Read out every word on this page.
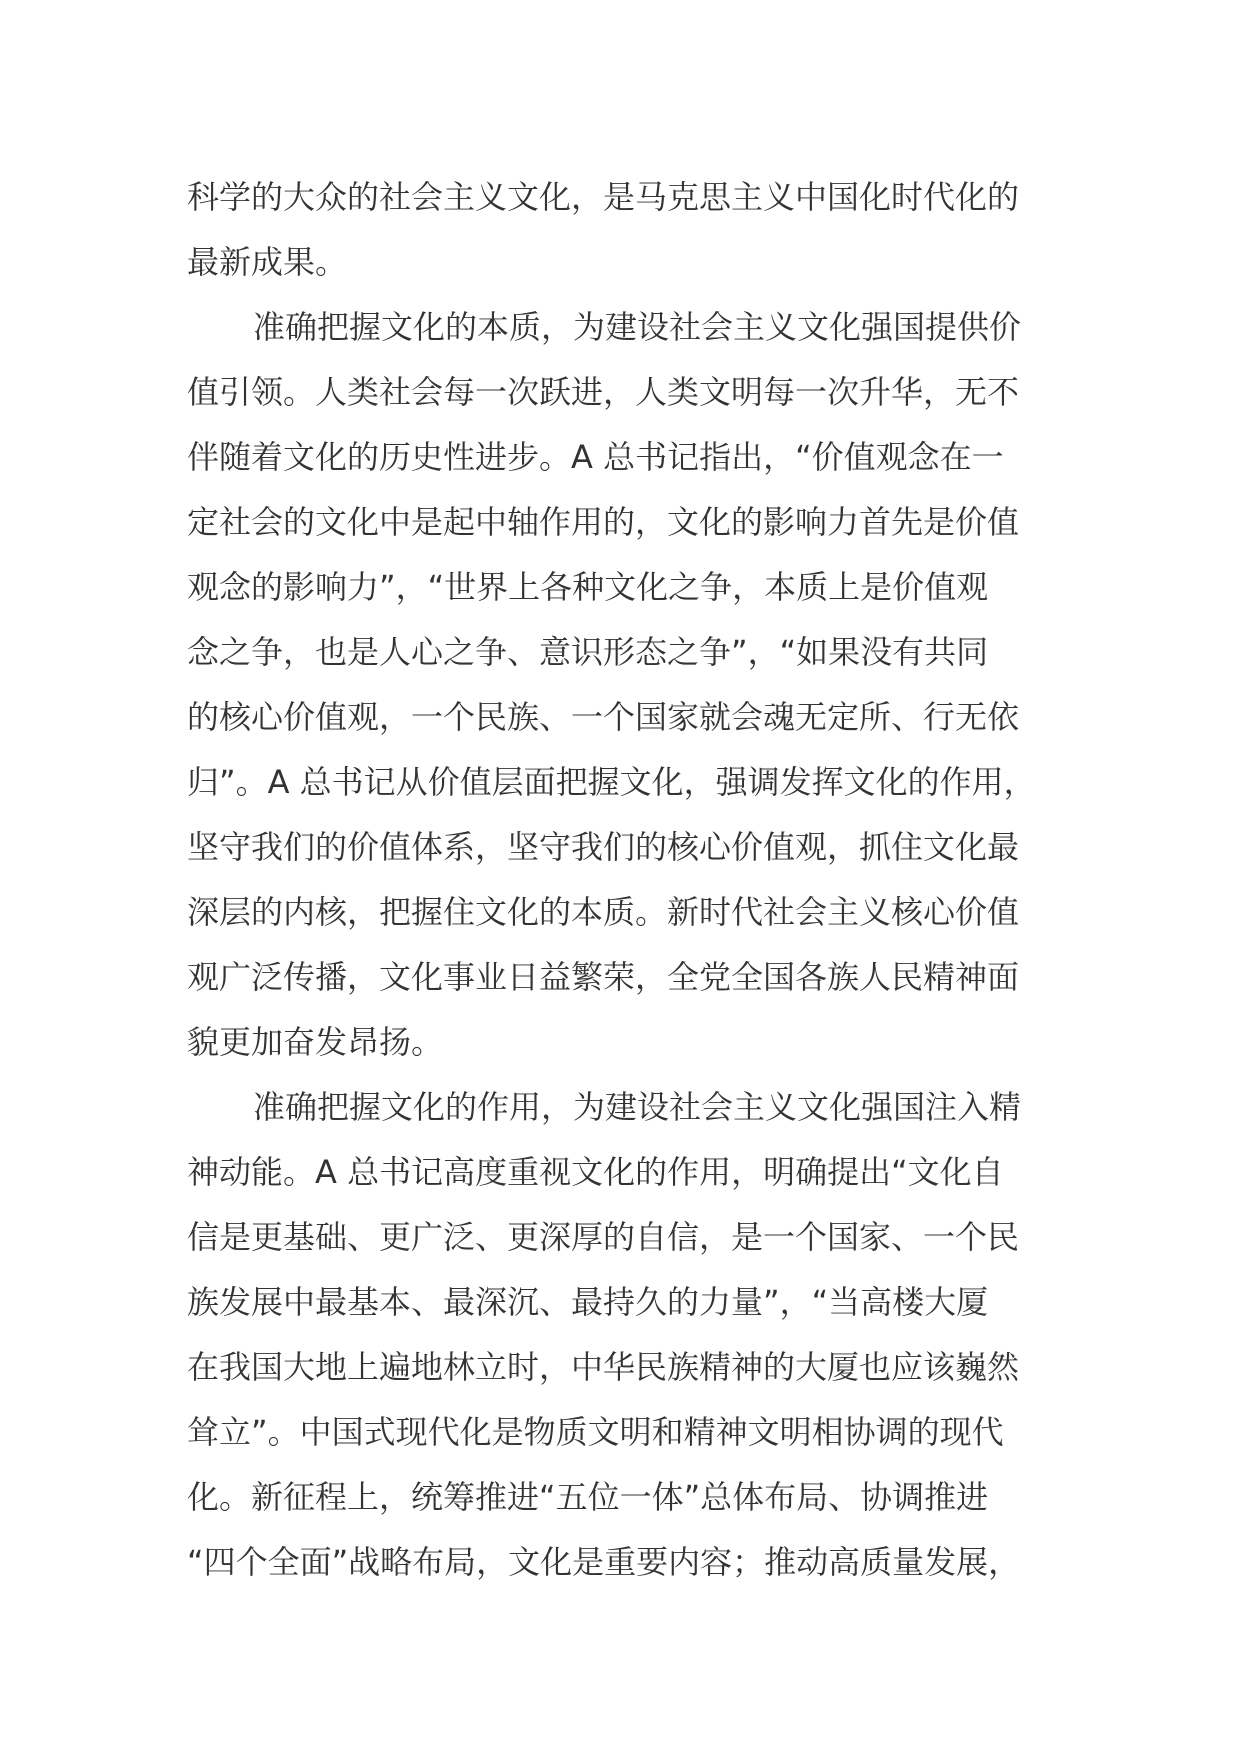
科学的大众的社会主义文化，是马克思主义中国化时代化的
最新成果。
准确把握文化的本质，为建设社会主义文化强国提供价
值引领。人类社会每一次跃进，人类文明每一次升华，无不
伴随着文化的历史性进步。A 总书记指出，“价值观念在一
定社会的文化中是起中轴作用的，文化的影响力首先是价值
观念的影响力”，“世界上各种文化之争，本质上是价值观
念之争，也是人心之争、意识形态之争”，“如果没有共同
的核心价值观，一个民族、一个国家就会魂无定所、行无依
归”。A 总书记从价值层面把握文化，强调发挥文化的作用，
坚守我们的价值体系，坚守我们的核心价值观，抓住文化最
深层的内核，把握住文化的本质。新时代社会主义核心价值
观广泛传播，文化事业日益繁荣，全党全国各族人民精神面
貌更加奋发昂扬。
准确把握文化的作用，为建设社会主义文化强国注入精
神动能。A 总书记高度重视文化的作用，明确提出“文化自
信是更基础、更广泛、更深厚的自信，是一个国家、一个民
族发展中最基本、最深沉、最持久的力量”，“当高楼大厦
在我国大地上遍地林立时，中华民族精神的大厦也应该巍然
耸立”。中国式现代化是物质文明和精神文明相协调的现代
化。新征程上，统筹推进“五位一体”总体布局、协调推进
“四个全面”战略布局，文化是重要内容；推动高质量发展，
